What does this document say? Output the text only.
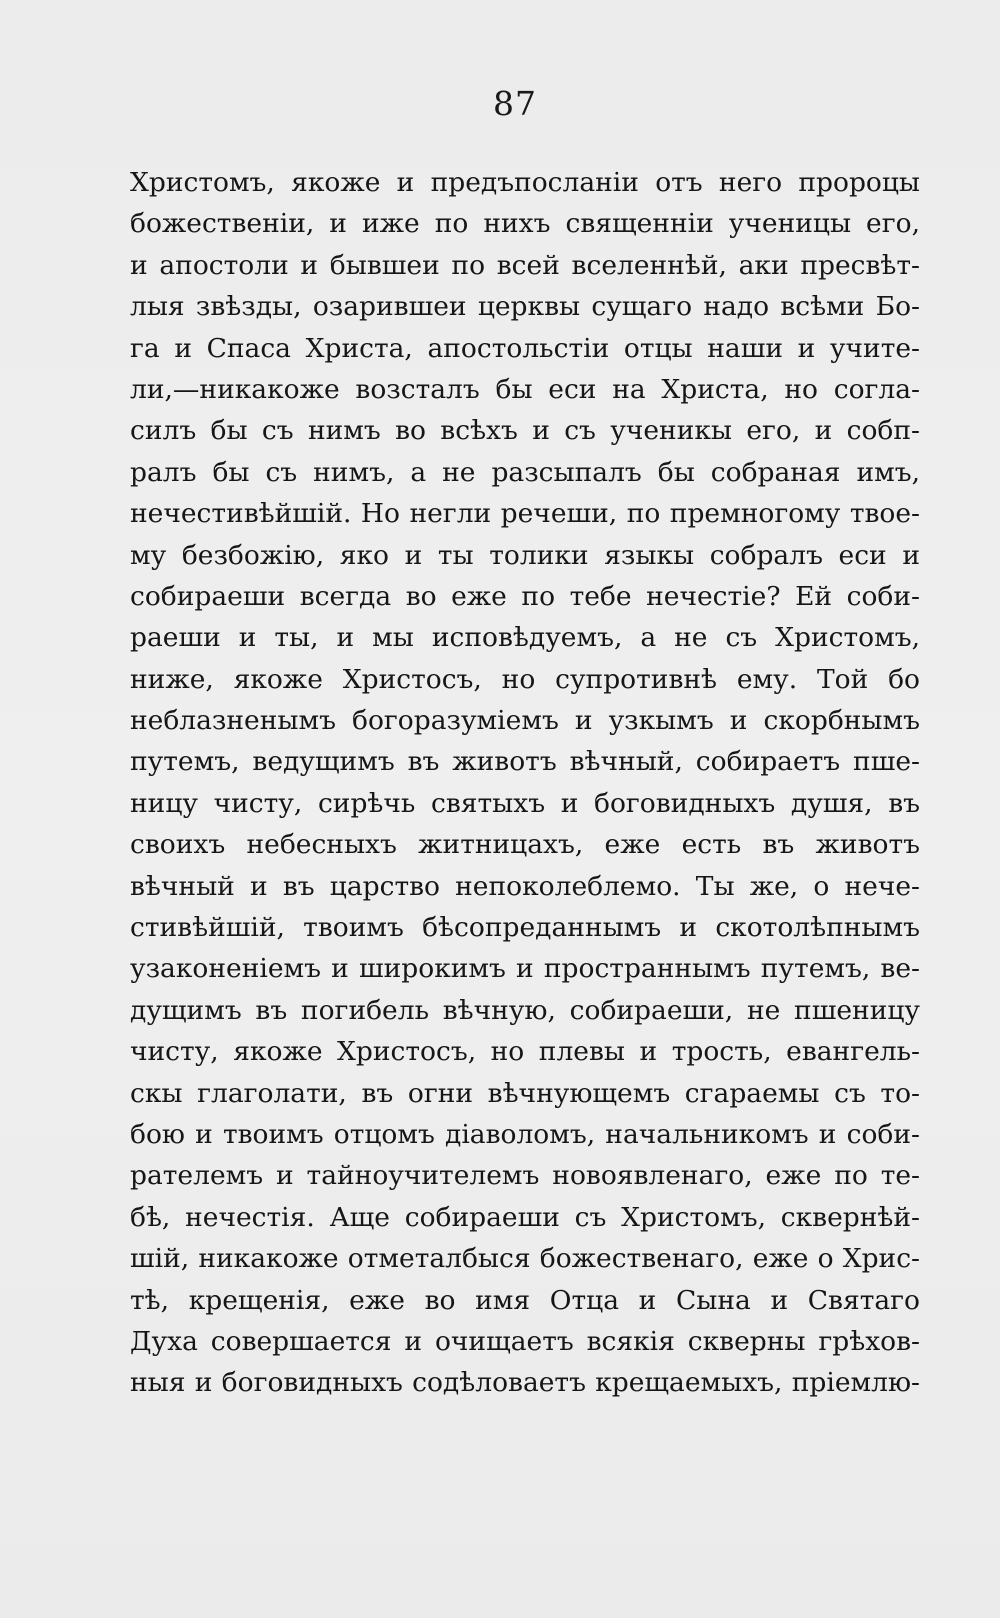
87
Христомъ, якоже и предъпосланіи отъ него пророцы
божественіи, и иже по нихъ священніи ученицы его,
и апостоли и бывшеи по всей вселеннѣй, аки пресвѣт-
лыя звѣзды, озарившеи церквы сущаго надо всѣми Бо-
га и Спаса Христа, апостольстіи отцы наши и учите-
ли,—никакоже возсталъ бы еси на Христа, но согла-
силъ бы съ нимъ во всѣхъ и съ ученикы его, и собп-
ралъ бы съ нимъ, а не разсыпалъ бы собраная имъ,
нечестивѣйшій. Но негли речеши, по премногому твое-
му безбожію, яко и ты толики языкы собралъ еси и
собираеши всегда во еже по тебе нечестіе? Ей соби-
раеши и ты, и мы исповѣдуемъ, а не съ Христомъ,
ниже, якоже Христосъ, но супротивнѣ ему. Той бо
неблазненымъ богоразуміемъ и узкымъ и скорбнымъ
путемъ, ведущимъ въ животъ вѣчный, собираетъ пше-
ницу чисту, сирѣчь святыхъ и боговидныхъ душя, въ
своихъ небесныхъ житницахъ, еже есть въ животъ
вѣчный и въ царство непоколеблемо. Ты же, о нече-
стивѣйшій, твоимъ бѣсопреданнымъ и скотолѣпнымъ
узаконеніемъ и широкимъ и пространнымъ путемъ, ве-
дущимъ въ погибель вѣчную, собираеши, не пшеницу
чисту, якоже Христосъ, но плевы и трость, евангель-
скы глаголати, въ огни вѣчнующемъ сгараемы съ то-
бою и твоимъ отцомъ діаволомъ, начальникомъ и соби-
рателемъ и тайноучителемъ новоявленаго, еже по те-
бѣ, нечестія. Аще собираеши съ Христомъ, сквернѣй-
шій, никакоже отметалбыся божественаго, еже о Хрис-
тѣ, крещенія, еже во имя Отца и Сына и Святаго
Духа совершается и очищаетъ всякія скверны грѣхов-
ныя и боговидныхъ содѣловаетъ крещаемыхъ, пріемлю-
